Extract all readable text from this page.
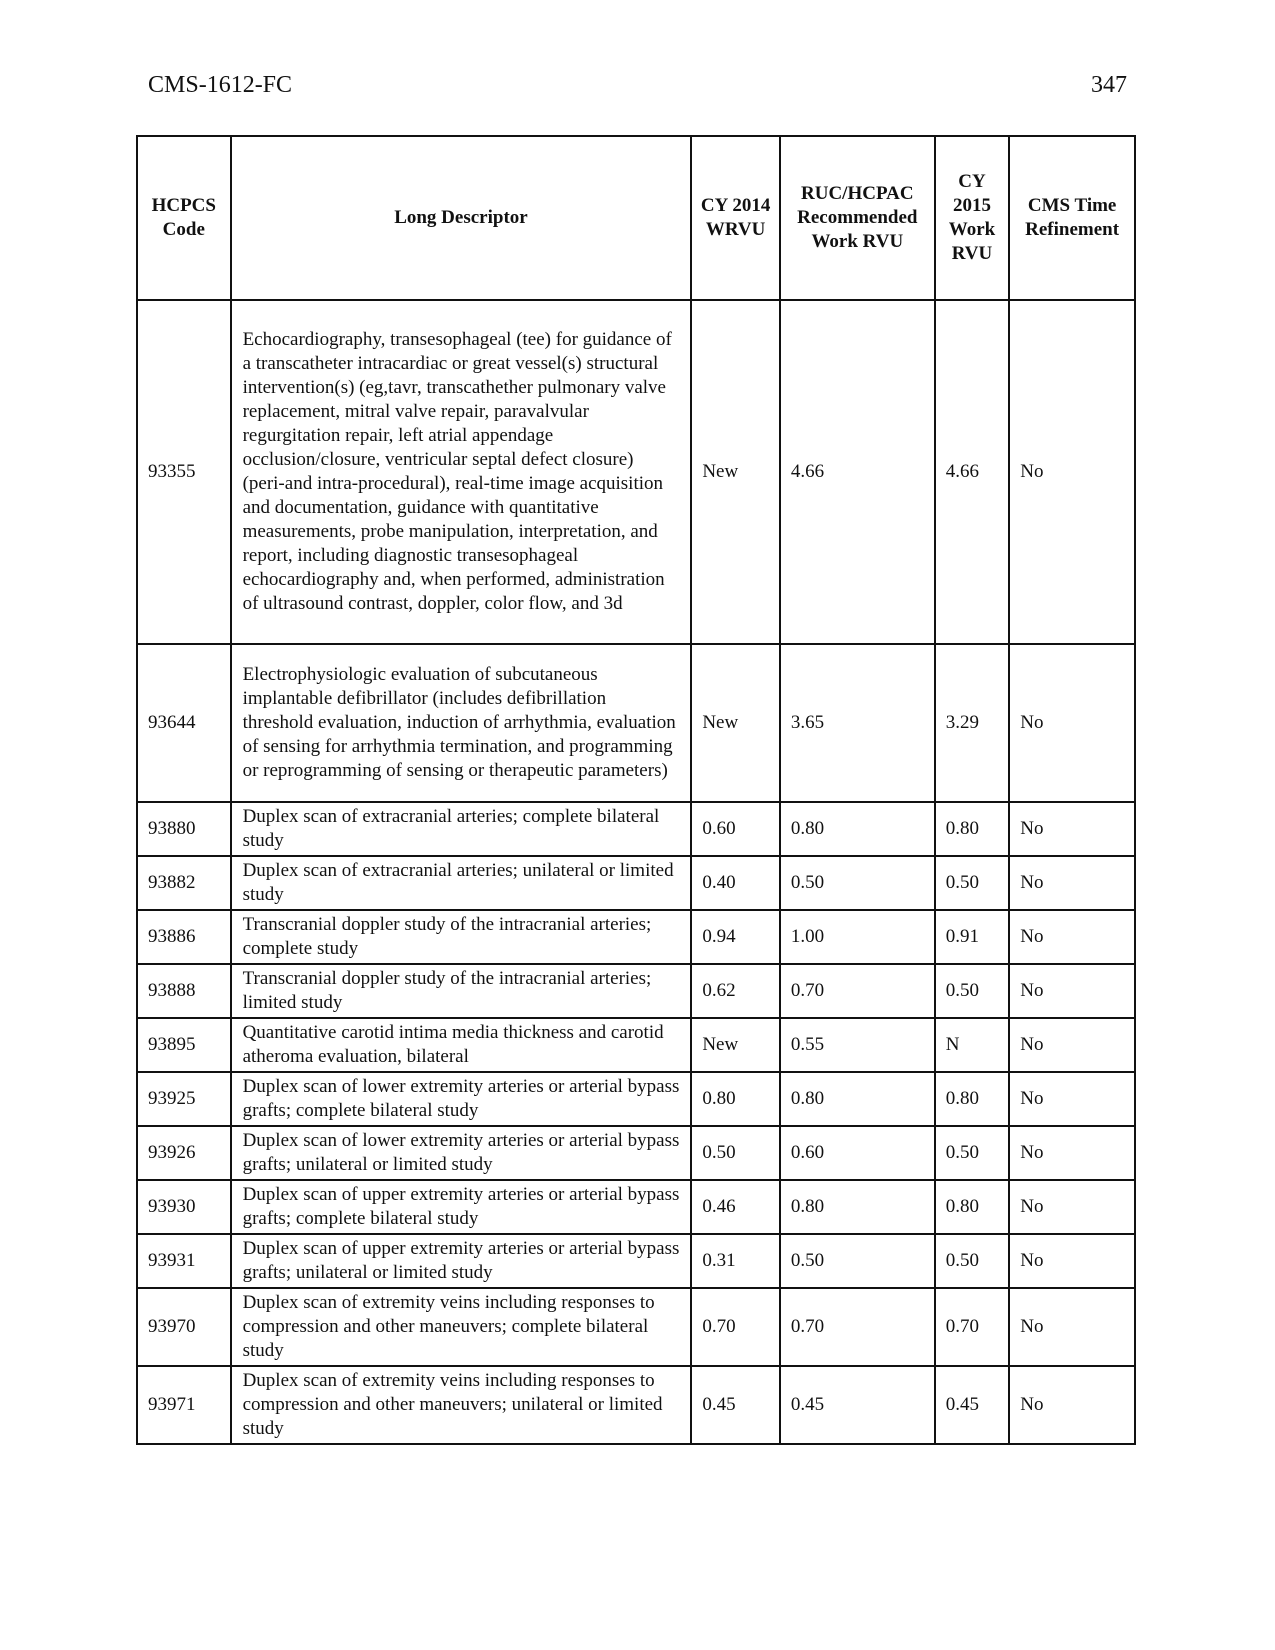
CMS-1612-FC	347
HCPCS Code	Long Descriptor	CY 2014 WRVU	RUC/HCPAC Recommended Work RVU	CY 2015 Work RVU	CMS Time Refinement
93355	Echocardiography, transesophageal (tee) for guidance of a transcatheter intracardiac or great vessel(s) structural intervention(s) (eg,tavr, transcathether pulmonary valve replacement, mitral valve repair, paravalvular regurgitation repair, left atrial appendage occlusion/closure, ventricular septal defect closure) (peri-and intra-procedural), real-time image acquisition and documentation, guidance with quantitative measurements, probe manipulation, interpretation, and report, including diagnostic transesophageal echocardiography and, when performed, administration of ultrasound contrast, doppler, color flow, and 3d	New	4.66	4.66	No
93644	Electrophysiologic evaluation of subcutaneous implantable defibrillator (includes defibrillation threshold evaluation, induction of arrhythmia, evaluation of sensing for arrhythmia termination, and programming or reprogramming of sensing or therapeutic parameters)	New	3.65	3.29	No
93880	Duplex scan of extracranial arteries; complete bilateral study	0.60	0.80	0.80	No
93882	Duplex scan of extracranial arteries; unilateral or limited study	0.40	0.50	0.50	No
93886	Transcranial doppler study of the intracranial arteries; complete study	0.94	1.00	0.91	No
93888	Transcranial doppler study of the intracranial arteries; limited study	0.62	0.70	0.50	No
93895	Quantitative carotid intima media thickness and carotid atheroma evaluation, bilateral	New	0.55	N	No
93925	Duplex scan of lower extremity arteries or arterial bypass grafts; complete bilateral study	0.80	0.80	0.80	No
93926	Duplex scan of lower extremity arteries or arterial bypass grafts; unilateral or limited study	0.50	0.60	0.50	No
93930	Duplex scan of upper extremity arteries or arterial bypass grafts; complete bilateral study	0.46	0.80	0.80	No
93931	Duplex scan of upper extremity arteries or arterial bypass grafts; unilateral or limited study	0.31	0.50	0.50	No
93970	Duplex scan of extremity veins including responses to compression and other maneuvers; complete bilateral study	0.70	0.70	0.70	No
93971	Duplex scan of extremity veins including responses to compression and other maneuvers; unilateral or limited study	0.45	0.45	0.45	No
